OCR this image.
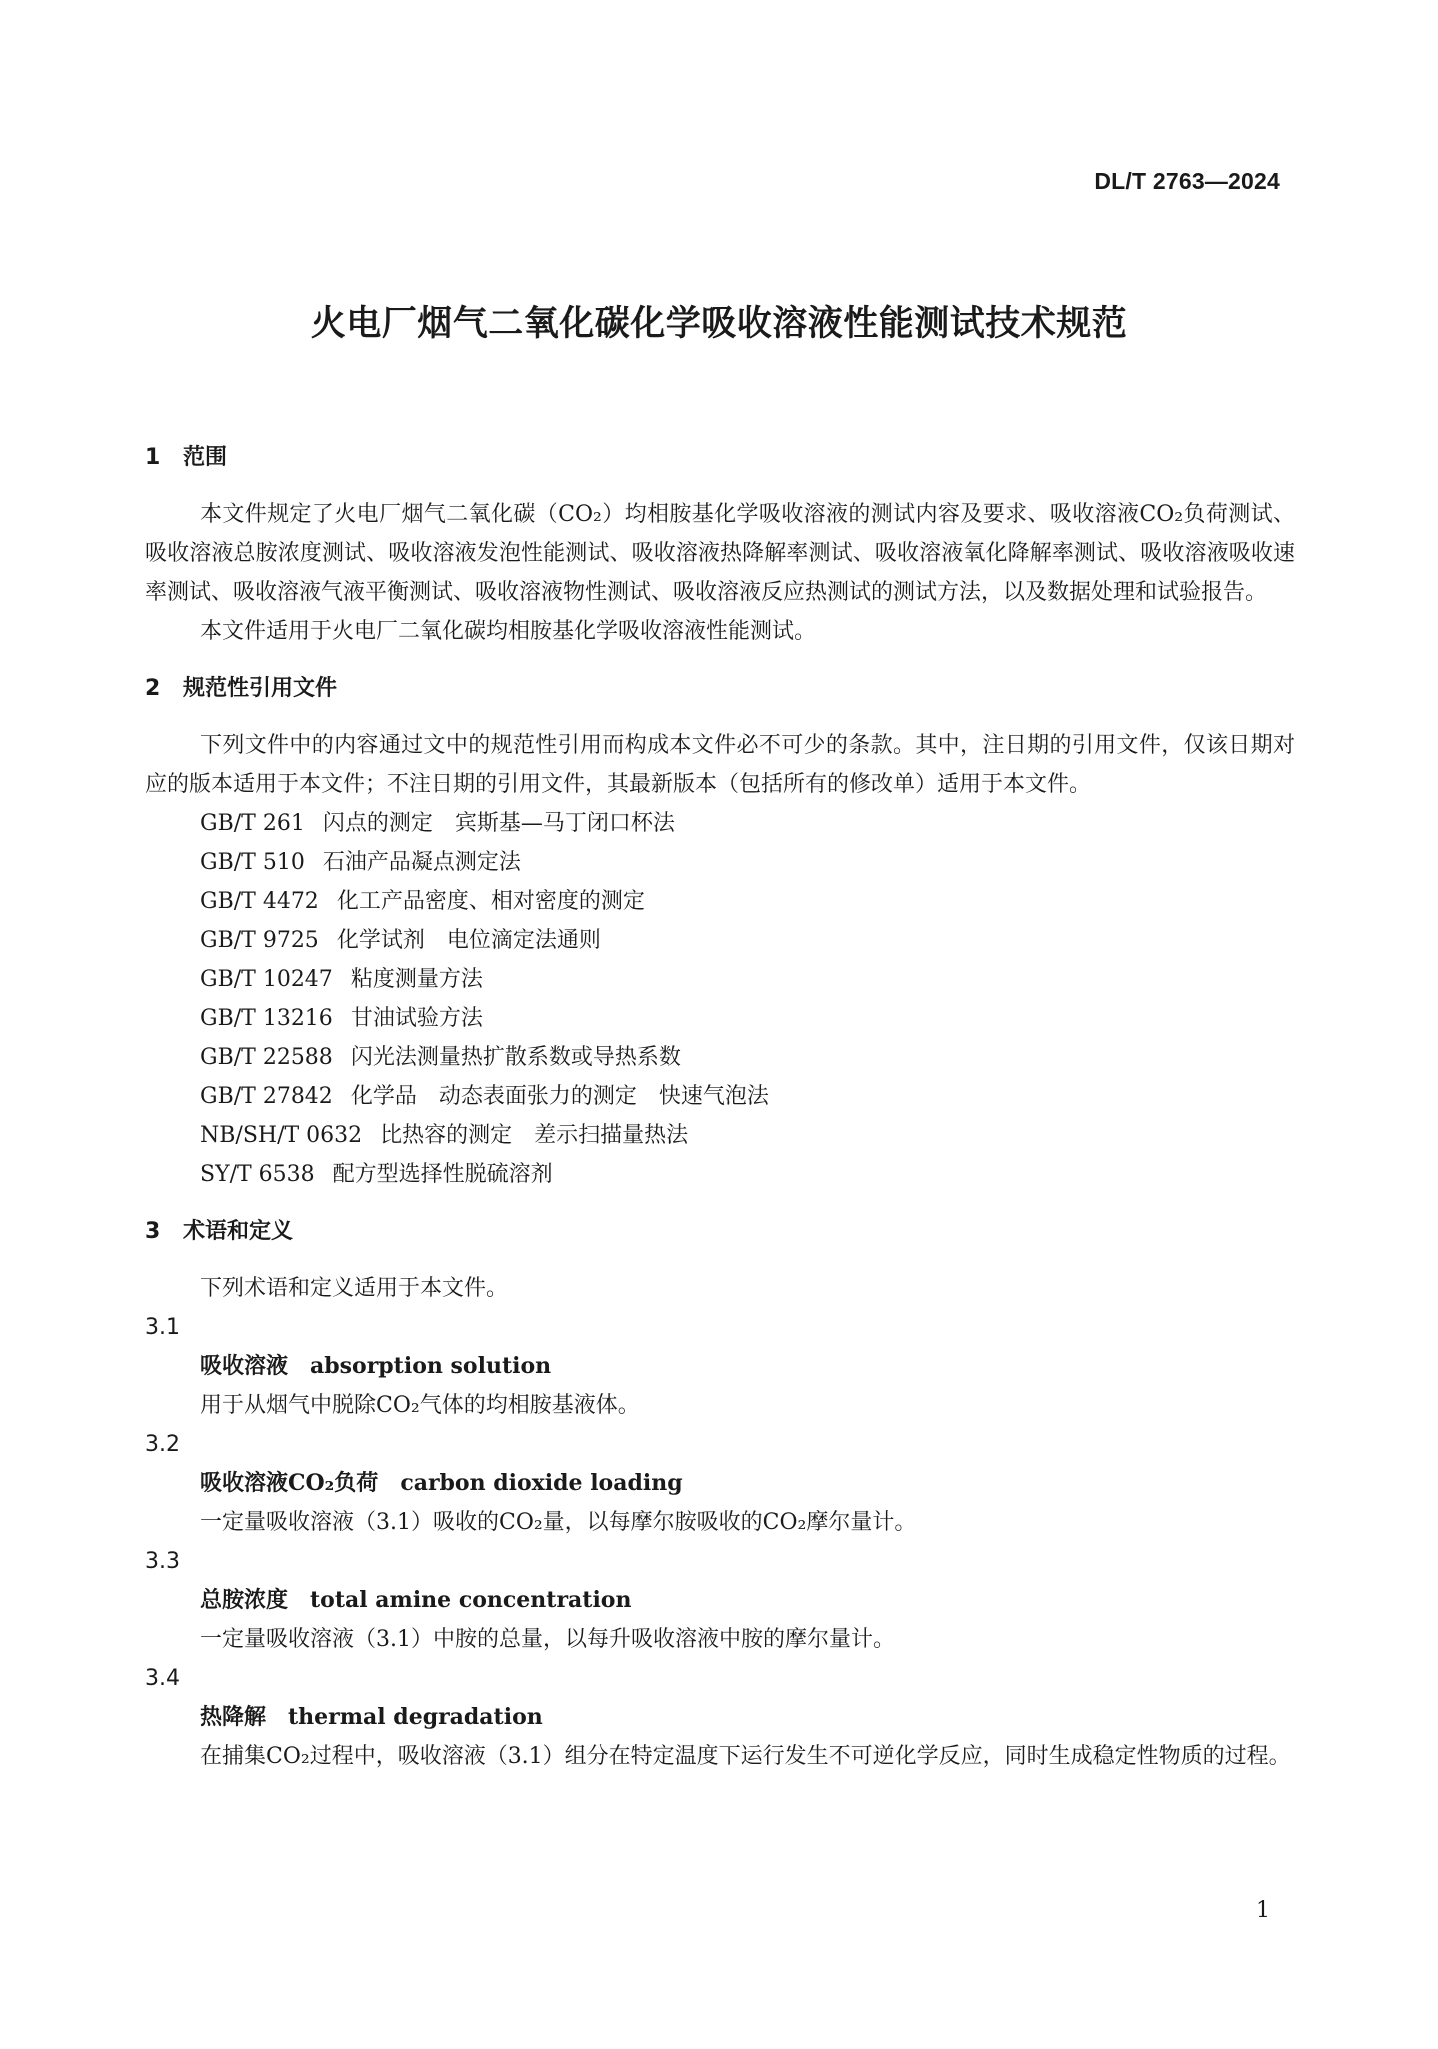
DL/T 2763—2024
火电厂烟气二氧化碳化学吸收溶液性能测试技术规范
1 范围
本文件规定了火电厂烟气二氧化碳（CO₂）均相胺基化学吸收溶液的测试内容及要求、吸收溶液CO₂负荷测试、吸收溶液总胺浓度测试、吸收溶液发泡性能测试、吸收溶液热降解率测试、吸收溶液氧化降解率测试、吸收溶液吸收速率测试、吸收溶液气液平衡测试、吸收溶液物性测试、吸收溶液反应热测试的测试方法，以及数据处理和试验报告。
本文件适用于火电厂二氧化碳均相胺基化学吸收溶液性能测试。
2 规范性引用文件
下列文件中的内容通过文中的规范性引用而构成本文件必不可少的条款。其中，注日期的引用文件，仅该日期对应的版本适用于本文件；不注日期的引用文件，其最新版本（包括所有的修改单）适用于本文件。
GB/T 261 闪点的测定　宾斯基—马丁闭口杯法
GB/T 510 石油产品凝点测定法
GB/T 4472 化工产品密度、相对密度的测定
GB/T 9725 化学试剂　电位滴定法通则
GB/T 10247 粘度测量方法
GB/T 13216 甘油试验方法
GB/T 22588 闪光法测量热扩散系数或导热系数
GB/T 27842 化学品　动态表面张力的测定　快速气泡法
NB/SH/T 0632 比热容的测定　差示扫描量热法
SY/T 6538 配方型选择性脱硫溶剂
3 术语和定义
下列术语和定义适用于本文件。
3.1
吸收溶液 absorption solution
用于从烟气中脱除CO₂气体的均相胺基液体。
3.2
吸收溶液CO₂负荷 carbon dioxide loading
一定量吸收溶液（3.1）吸收的CO₂量，以每摩尔胺吸收的CO₂摩尔量计。
3.3
总胺浓度 total amine concentration
一定量吸收溶液（3.1）中胺的总量，以每升吸收溶液中胺的摩尔量计。
3.4
热降解 thermal degradation
在捕集CO₂过程中，吸收溶液（3.1）组分在特定温度下运行发生不可逆化学反应，同时生成稳定性物质的过程。
1
